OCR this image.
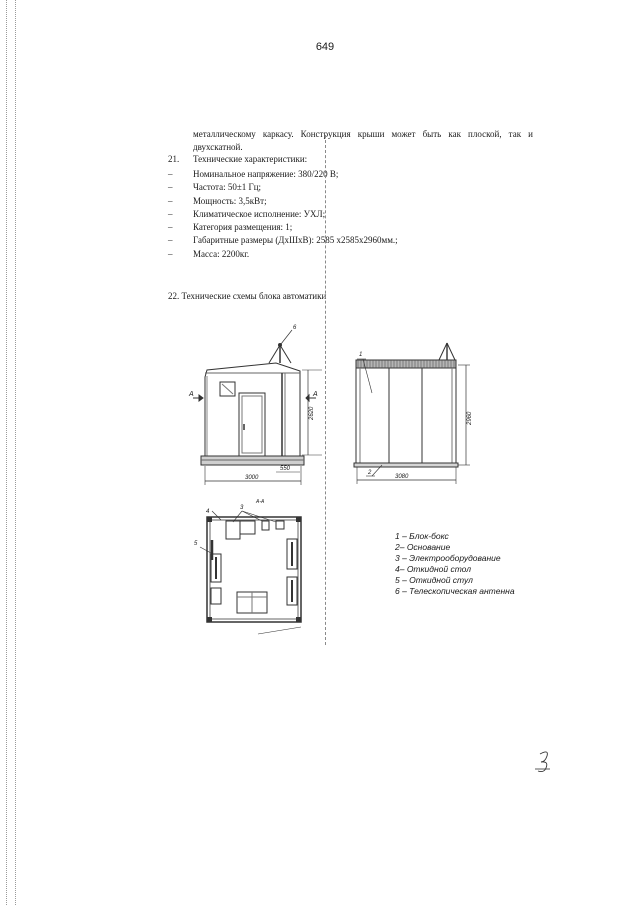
649
металлическому каркасу. Конструкция крыши может быть как плоской, так и двухскатной.
21. Технические характеристики:
– Номинальное напряжение: 380/220 В;
– Частота: 50±1 Гц;
– Мощность: 3,5кВт;
– Климатическое исполнение: УХЛ;
– Категория размещения: 1;
– Габаритные размеры (ДхШхВ): 2585 х2585х2960мм.;
– Масса: 2200кг.
22. Технические схемы блока автоматики
6
2620
3000
550
А	А
2960
3080
1
2
А-А
4
3
5
1 – Блок-бокс
2– Основание
3 – Электрооборудование
4– Откидной стол
5 – Откидной стул
6 – Телескопическая антенна
